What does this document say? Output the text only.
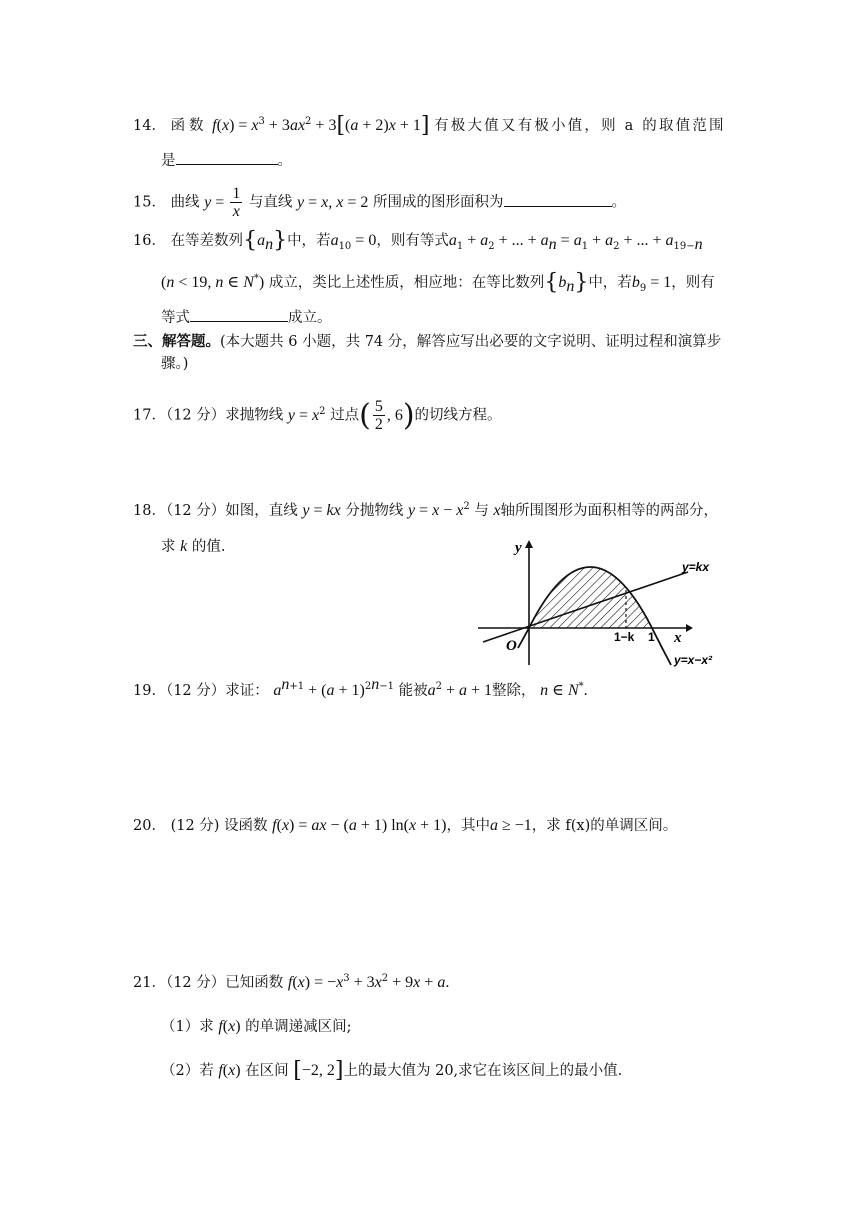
14． 函数 $f(x) = x^3 + 3ax^2 + 3[(a + 2)x + 1]$ 有极大值又有极小值，则 a 的取值范围
是	。
15． 曲线 $y = \frac{1}{x}$ 与直线 y = x, x = 2 所围成的图形面积为	。
16． 在等差数列$\{a_n\}$中，若$a_{10} = 0$，则有等式$a_1 + a_2$ + ... + $a_n = a_1 + a_2$ + ... + $a_{19-n}$
(n < 19, n ∈ N*) 成立，类比上述性质，相应地：在等比数列$\{b_n\}$中，若$b_9 = 1$，则有
等式	成立。
三、解答题。(本大题共 6 小题，共 74 分，解答应写出必要的文字说明、证明过程和演算步
骤。)
17．（12 分）求抛物线 $y = x^2$ 过点( $\frac{5}{2}$ , 6)的切线方程。
18．（12 分）如图，直线 y = kx 分抛物线 $y = x - x^2$ 与 x轴所围图形为面积相等的两部分，
求 k 的值.	y
x
O
y=kx
y=x−x²
1−k 1
19．（12 分）求证： $a^{n+1} + (a + 1)^{2n-1}$ 能被$a^2 + a + 1$整除， n ∈ N*.
20． (12 分) 设函数 f(x) = ax − (a + 1) ln(x + 1)，其中a ≥ −1，求 f(x)的单调区间。
21．（12 分）已知函数 $f(x) = -x^3 + 3x^2 + 9x + a$.
（1）求 f(x) 的单调递减区间;
（2）若 f(x) 在区间 [−2, 2]上的最大值为 20,求它在该区间上的最小值.
